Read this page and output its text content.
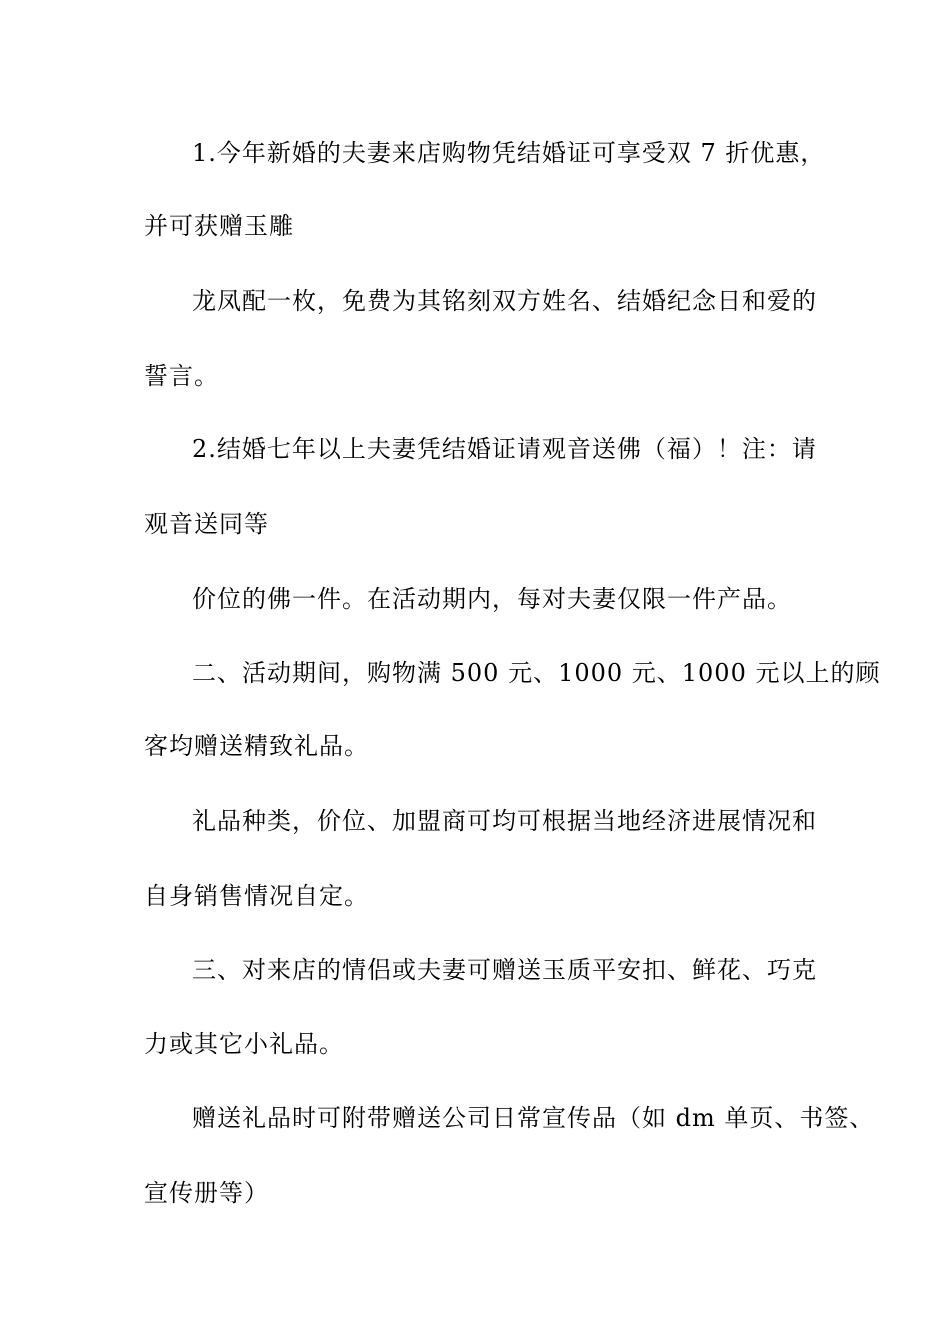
1.今年新婚的夫妻来店购物凭结婚证可享受双 7 折优惠，
并可获赠玉雕
龙凤配一枚，免费为其铭刻双方姓名、结婚纪念日和爱的
誓言。
2.结婚七年以上夫妻凭结婚证请观音送佛（福）！注：请
观音送同等
价位的佛一件。在活动期内，每对夫妻仅限一件产品。
二、活动期间，购物满 500 元、1000 元、1000 元以上的顾
客均赠送精致礼品。
礼品种类，价位、加盟商可均可根据当地经济进展情况和
自身销售情况自定。
三、对来店的情侣或夫妻可赠送玉质平安扣、鲜花、巧克
力或其它小礼品。
赠送礼品时可附带赠送公司日常宣传品（如 dm 单页、书签、
宣传册等）
